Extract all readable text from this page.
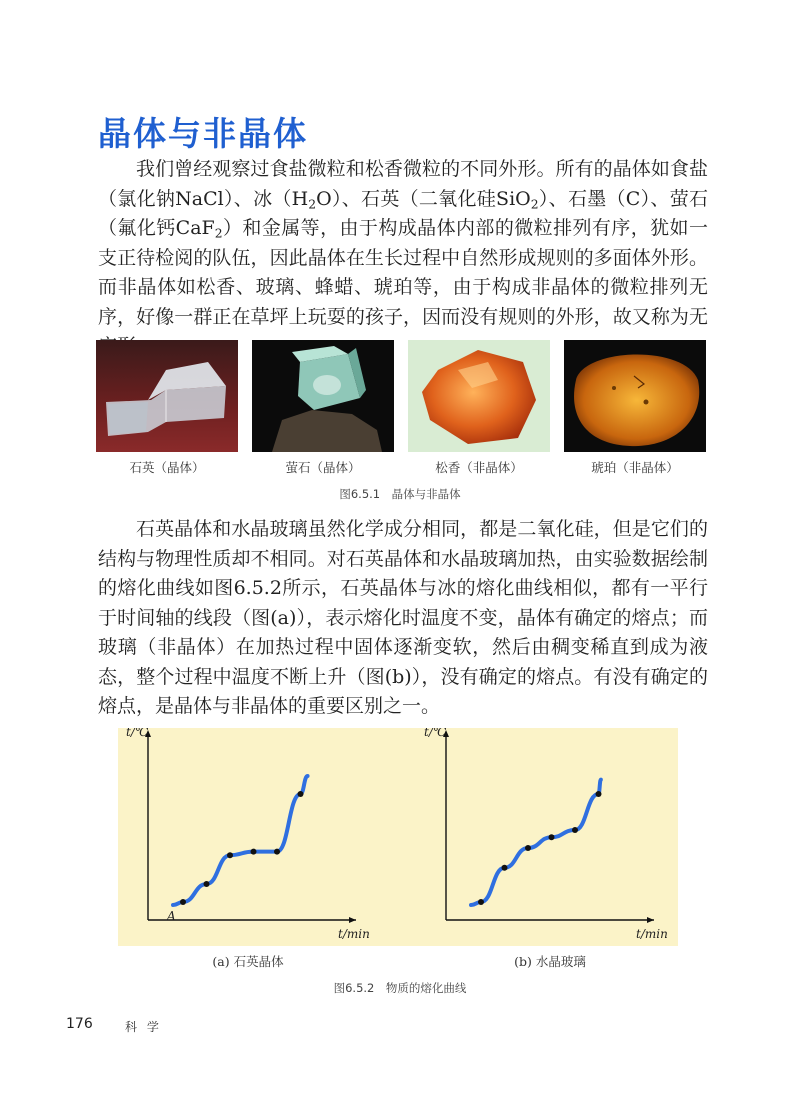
晶体与非晶体

我们曾经观察过食盐微粒和松香微粒的不同外形。所有的晶体如食盐（氯化钠NaCl）、冰$(H_2O)$、石英（二氧化硅SiO$_2$）、石墨（C）、萤石（氟化钙CaF$_2$）和金属等，由于构成晶体内部的微粒排列有序，犹如一支正待检阅的队伍，因此晶体在生长过程中自然形成规则的多面体外形。而非晶体如松香、玻璃、蜂蜡、琥珀等，由于构成非晶体的微粒排列无序，好像一群正在草坪上玩耍的孩子，因而没有规则的外形，故又称为无

石英（晶体）	萤石（晶体）	松香（非晶体）	琥珀（非晶体）
图6.5.1　晶体与非晶体

石英晶体和水晶玻璃虽然化学成分相同，都是二氧化硅，但是它们的结构与物理性质却不相同。对石英晶体和水晶玻璃加热，由实验数据绘制的熔化曲线如图6.5.2所示，石英晶体与冰的熔化曲线相似，都有一平行于时间轴的线段（图(a)），表示熔化时温度不变，晶体有确定的熔点；而玻璃（非晶体）在加热过程中固体逐渐变软，然后由稠变稀直到成为液态，整个过程中温度不断上升（图(b)），没有确定的熔点。有没有确定的熔点，是晶体与非晶体的重要区别之一。

t/℃
t/min
A
t/℃
t/min
(a) 石英晶体	(b) 水晶玻璃
图6.5.2　物质的熔化曲线
176	科 学
